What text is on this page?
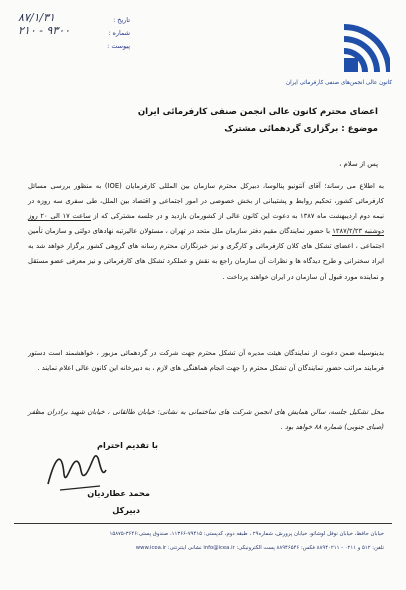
کانون عالی انجمن‌های صنفی کارفرمائی ایران
تاریخ :
۸۷/۱/۳۱
شماره :
۲۱۰ - ۹۳۰۰
پیوست :
اعضای محترم کانون عالی انجمن صنفی کارفرمائی ایران
موضوع : برگزاری گردهمائی مشترک
پس از سلام ،
به اطلاع می رساند؛ آقای آنتونیو پنالوسا، دبیرکل محترم سازمان بین المللی کارفرمایان (IOE) به منظور بررسی مسائل کارفرمائی کشور، تحکیم روابط و پشتیبانی از بخش خصوصی در امور اجتماعی و اقتصاد بین الملل، طی سفری سه روزه در نیمه دوم اردیبهشت ماه ۱۳۸۷ به دعوت این کانون عالی از کشورمان بازدید و در جلسه مشترکی که از ساعت ۱۷ الی ۲۰ روز دوشنبه ۱۳۸۷/۲/۲۳ با حضور نمایندگان مقیم دفتر سازمان ملل متحد در تهران ، مسئولان عالیرتبه نهادهای دولتی و سازمان تأمین اجتماعی ، اعضای تشکل های کلان کارفرمائی و کارگری و نیز خبرنگاران محترم رسانه های گروهی کشور برگزار خواهد شد به ایراد سخنرانی و طرح دیدگاه ها و نظرات آن سازمان راجع به نقش و عملکرد تشکل های کارفرمائی و نیز معرفی عضو مستقل و نماینده مورد قبول آن سازمان در ایران خواهند پرداخت .
بدینوسیله ضمن دعوت از نمایندگان هیئت مدیره آن تشکل محترم جهت شرکت در گردهمائی مزبور ، خواهشمند است دستور فرمایند مراتب حضور نمایندگان آن تشکل محترم را جهت انجام هماهنگی های لازم ، به دبیرخانه این کانون عالی اعلام نمایند .
محل تشکیل جلسه، سالن همایش های انجمن شرکت های ساختمانی به نشانی: خیابان طالقانی ، خیابان شهید برادران مظفر (صبای جنوبی) شماره ۸۸ خواهد بود .
با تقدیم احترام
محمد عطاردیان
دبیرکل
خیابان حافظ، خیابان نوفل لوشاتو، خیابان پرورش، شماره۲۹ ، طبقه دوم، کدپستی: ۷۹۴۱۵-۱۱۳۶۶، صندوق پستی:۳۶۴۶-۱۵۸۷۵
تلفن: ۵۱۲ و ۰۲۱۱ - ۸۸۹۴۰۲۱۱ فکس: ۸۸۹۴۶۵۴۶ پست الکترونیکی: info@icea.ir نشانی اینترنتی: www.icea.ir
